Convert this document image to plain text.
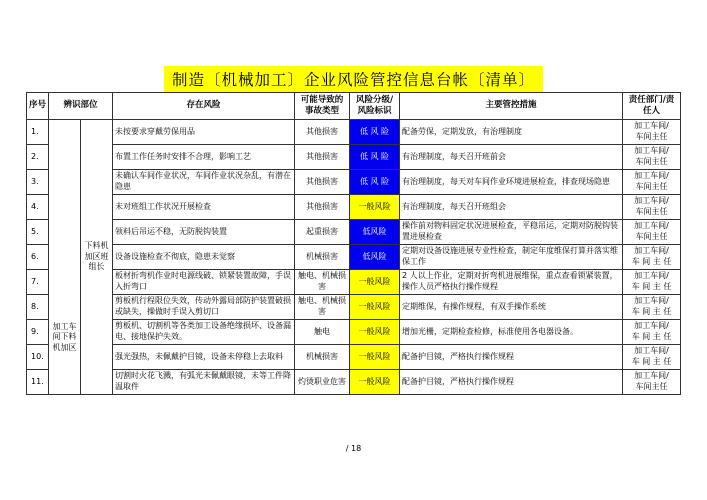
制造〔机械加工〕企业风险管控信息台帐〔清单〕
序号	辨识部位		存在风险	可能导致的事故类型	风险分级/风险标识	主要管控措施	责任部门/责任人
1.	加工车间下料机加区	下料机加区班组长	未按要求穿戴劳保用品	其他损害	低 风 险	配备劳保，定期发放，有治理制度	加工车间/
车间主任

2.			布置工作任务时安排不合理，影响工艺	其他损害	低 风 险	有治理制度，每天召开班前会	加工车间/
车间主任

3.			未确认车间作业状况，车间作业状况杂乱，有潜在隐患	其他损害	低 风 险	有治理制度，每天对车间作业环境进展检查，排查现场隐患	加工车间/
车间主任

4.			未对班组工作状况开展检查	其他损害	一般风险	有治理制度，每天召开班组会	加工车间/
车间主任

5.			领料后吊运不稳，无防脱钩装置	起重损害	低风险	操作前对物料固定状况进展检查，平稳吊运，定期对防脱钩装置进展检查	加工车间/
车间主任

6.			设备设施检查不彻底，隐患未觉察	机械损害	低风险	定期对设备设施进展专业性检查，制定年度维保打算并落实维保工作	加工车间/
车 间 主 任

7.			板材折弯机作业时电源线破、锁紧装置故障，手误入折弯口	触电、机械损害	一般风险	2 人以上作业，定期对折弯机进展维保，重点查看锁紧装置，操作人员严格执行操作规程	加工车间/
车 间 主 任

8.			剪板机行程限位失效，传动外露局部防护装置破损或缺失，操做时手误入剪切口	触电、机械损害	一般风险	定期维保，有操作规程，有双手操作系统	加工车间/
车 间 主 任

9.			剪板机、切割机等各类加工设备绝缘损坏、设备漏电、接地保护失效。	触电	一般风险	增加光栅，定期检查检修，标准使用各电器设备。	加工车间/
车 间 主 任

10.			强光强热，未佩戴护目镜，设备未停稳上去取料	机械损害	一般风险	配备护目镜，严格执行操作规程	加工车间/
车 间 主 任

11.			切割时火花飞溅，有弧光未佩戴眼镜，未等工件降温取件	灼烫职业危害	一般风险	配备护目镜，严格执行操作规程	加工车间/
车间主任
/ 18
